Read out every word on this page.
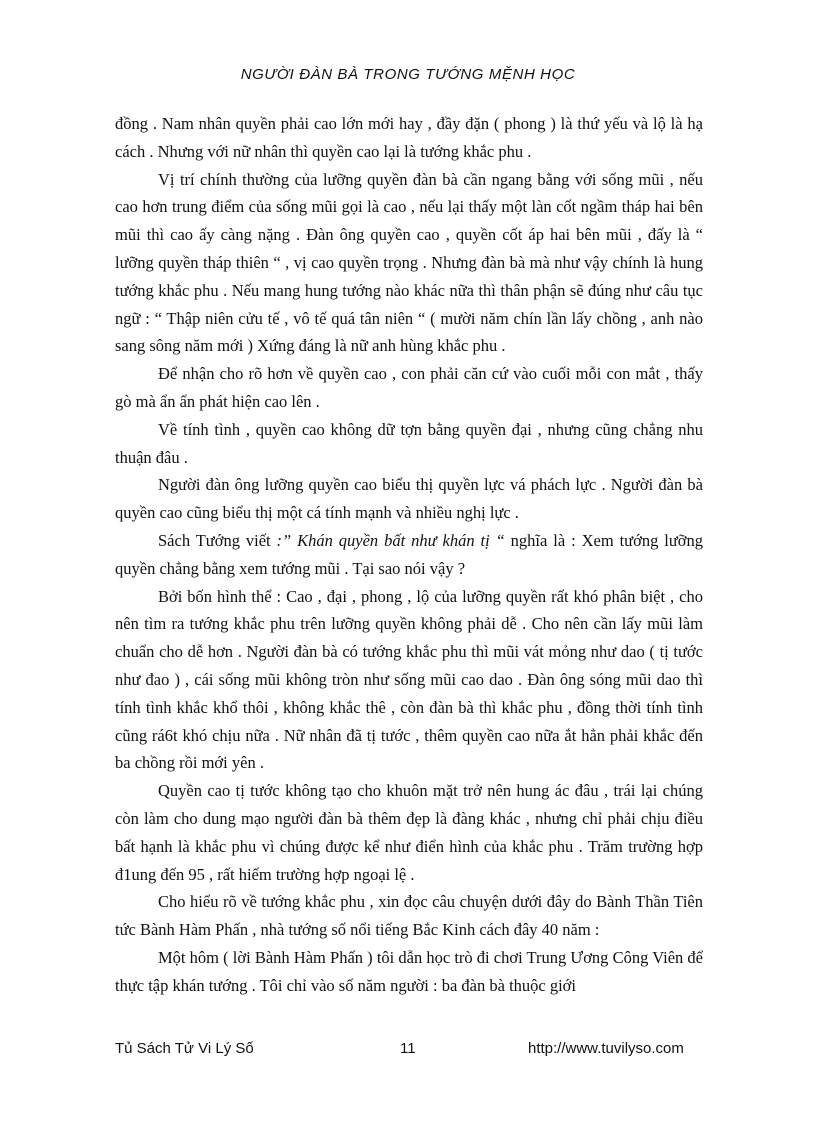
NGƯỜI ĐÀN BÀ TRONG TƯỚNG MỆNH HỌC

đồng . Nam nhân quyền phải cao lớn mới hay , đầy đặn ( phong ) là thứ yếu và lộ là hạ cách . Nhưng với nữ nhân thì quyền cao lại là tướng khắc phu .

Vị trí chính thường của lưỡng quyền đàn bà cần ngang bằng với sống mũi , nếu cao hơn trung điểm của sống mũi gọi là cao , nếu lại thấy một làn cốt ngầm tháp hai bên mũi thì cao ấy càng nặng . Đàn ông quyền cao , quyền cốt áp hai bên mũi , đấy là “ lưỡng quyền tháp thiên “ , vị cao quyền trọng . Nhưng đàn bà mà như vậy chính là hung tướng khắc phu . Nếu mang hung tướng nào khác nữa thì thân phận sẽ đúng như câu tục ngữ : “ Thập niên cửu tế , vô tế quá tân niên “ ( mười năm chín lần lấy chồng , anh nào sang sông năm mới ) Xứng đáng là nữ anh hùng khắc phu .

Để nhận cho rõ hơn về quyền cao , con phải căn cứ vào cuối mỗi con mắt , thấy gò mà ẩn ẩn phát hiện cao lên .

Về tính tình , quyền cao không dữ tợn bằng quyền đại , nhưng cũng chẳng nhu thuận đâu .

Người đàn ông lưỡng quyền cao biểu thị quyền lực vá phách lực . Người đàn bà quyền cao cũng biểu thị một cá tính mạnh và nhiều nghị lực .

Sách Tướng viết :” Khán quyền bất như khán tị “ nghĩa là : Xem tướng lưỡng quyền chẳng bằng xem tướng mũi . Tại sao nói vậy ?

Bởi bốn hình thể : Cao , đại , phong , lộ của lưỡng quyền rất khó phân biệt , cho nên tìm ra tướng khắc phu trên lưỡng quyền không phải dễ . Cho nên cần lấy mũi làm chuẩn cho dễ hơn . Người đàn bà có tướng khắc phu thì mũi vát mỏng như dao ( tị tước như đao ) , cái sống mũi không tròn như sống mũi cao dao . Đàn ông sóng mũi dao thì tính tình khắc khổ thôi , không khắc thê , còn đàn bà thì khắc phu , đồng thời tính tình cũng rá6t khó chịu nữa . Nữ nhân đã tị tước , thêm quyền cao nữa ắt hẳn phải khắc đến ba chồng rồi mới yên .

Quyền cao tị tước không tạo cho khuôn mặt trở nên hung ác đâu , trái lại chúng còn làm cho dung mạo người đàn bà thêm đẹp là đàng khác , nhưng chỉ phải chịu điều bất hạnh là khắc phu vì chúng được kể như điển hình của khắc phu . Trăm trường hợp đ1ung đến 95 , rất hiếm trường hợp ngoại lệ .

Cho hiểu rõ về tướng khắc phu , xin đọc câu chuyện dưới đây do Bành Thần Tiên tức Bành Hàm Phấn , nhà tướng số nổi tiếng Bắc Kinh cách đây 40 năm :

Một hôm ( lời Bành Hàm Phấn ) tôi dẫn học trò đi chơi Trung Ương Công Viên để thực tập khán tướng . Tôi chỉ vào số năm người : ba đàn bà thuộc giới

Tủ Sách Tử Vi Lý Số	11	http://www.tuvilyso.com
